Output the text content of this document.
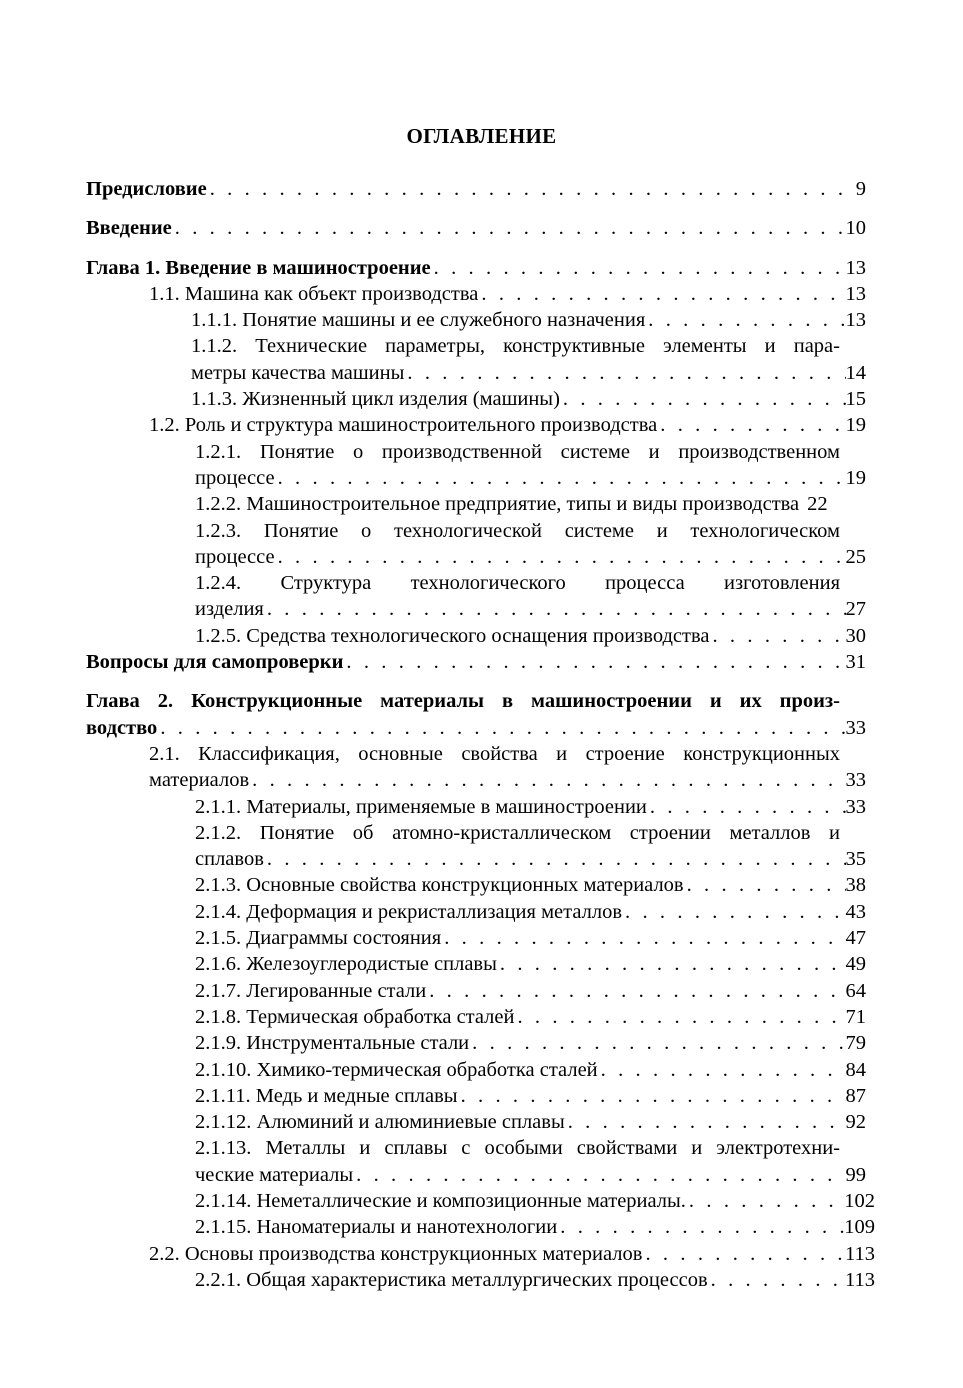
ОГЛАВЛЕНИЕ
Предисловие . . .	9
Введение . . .	10
Глава 1. Введение в машиностроение . . .	13
1.1. Машина как объект производства . . .	13
1.1.1. Понятие машины и ее служебного назначения . . .	13
1.1.2. Технические параметры, конструктивные элементы и пара-
метры качества машины . . .	14
1.1.3. Жизненный цикл изделия (машины) . . .	15
1.2. Роль и структура машиностроительного производства . . .	19
1.2.1. Понятие о производственной системе и производственном
процессе . . .	19
1.2.2. Машиностроительное предприятие, типы и виды производства 22
1.2.3. Понятие о технологической системе и технологическом
процессе . . .	25
1.2.4. Структура технологического процесса изготовления
изделия . . .	27
1.2.5. Средства технологического оснащения производства . . .	30
Вопросы для самопроверки . . .	31
Глава 2. Конструкционные материалы в машиностроении и их произ-
водство . . .	33
2.1. Классификация, основные свойства и строение конструкционных
материалов . . .	33
2.1.1. Материалы, применяемые в машиностроении . . .	33
2.1.2. Понятие об атомно-кристаллическом строении металлов и
сплавов . . .	35
2.1.3. Основные свойства конструкционных материалов . . .	38
2.1.4. Деформация и рекристаллизация металлов . . .	43
2.1.5. Диаграммы состояния . . .	47
2.1.6. Железоуглеродистые сплавы . . .	49
2.1.7. Легированные стали . . .	64
2.1.8. Термическая обработка сталей . . .	71
2.1.9. Инструментальные стали . . .	79
2.1.10. Химико-термическая обработка сталей . . .	84
2.1.11. Медь и медные сплавы . . .	87
2.1.12. Алюминий и алюминиевые сплавы . . .	92
2.1.13. Металлы и сплавы с особыми свойствами и электротехни-
ческие материалы . . .	99
2.1.14. Неметаллические и композиционные материалы. . . .	102
2.1.15. Наноматериалы и нанотехнологии . . .	109
2.2. Основы производства конструкционных материалов . . .	113
2.2.1. Общая характеристика металлургических процессов . . .	113
